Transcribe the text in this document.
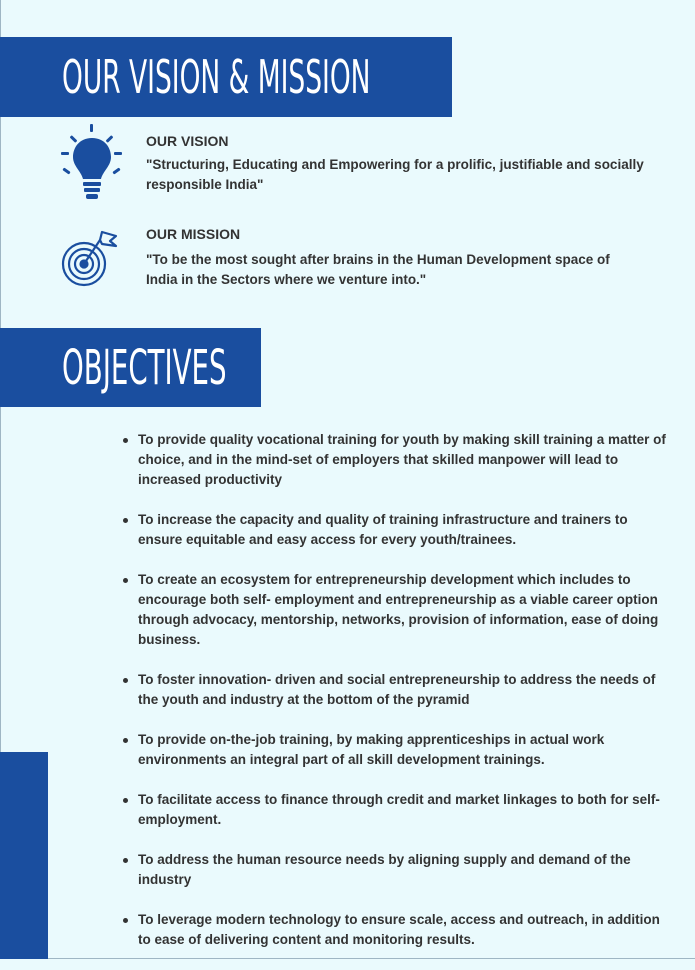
OUR VISION & MISSION
OUR VISION
"Structuring, Educating and Empowering for a prolific, justifiable and socially responsible India"
OUR MISSION
"To be the most sought after brains in the Human Development space of India in the Sectors where we venture into."
OBJECTIVES
To provide quality vocational training for youth by making skill training a matter of choice, and in the mind-set of employers that skilled manpower will lead to increased productivity
To increase the capacity and quality of training infrastructure and trainers to ensure equitable and easy access for every youth/trainees.
To create an ecosystem for entrepreneurship development which includes to encourage both self- employment and entrepreneurship as a viable career option through advocacy, mentorship, networks, provision of information, ease of doing business.
To foster innovation- driven and social entrepreneurship to address the needs of the youth and industry at the bottom of the pyramid
To provide on-the-job training, by making apprenticeships in actual work environments an integral part of all skill development trainings.
To facilitate access to finance through credit and market linkages to both for self- employment.
To address the human resource needs by aligning supply and demand of the industry
To leverage modern technology to ensure scale, access and outreach, in addition to ease of delivering content and monitoring results.
